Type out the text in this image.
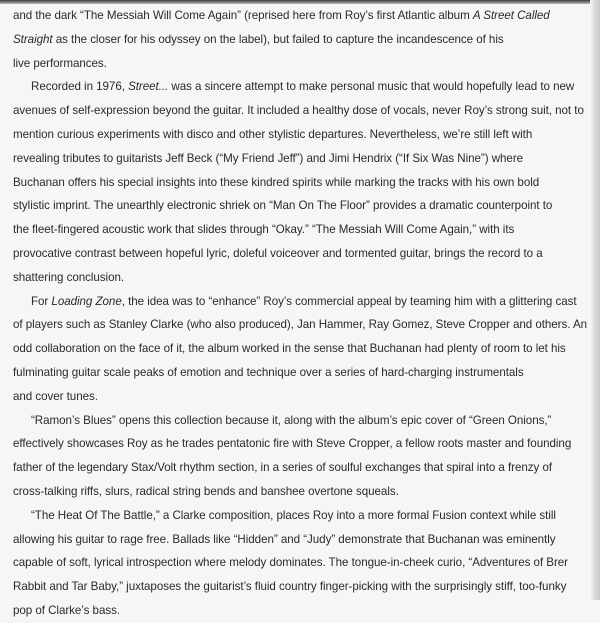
and the dark “The Messiah Will Come Again” (reprised here from Roy’s first Atlantic album A Street Called
Straight as the closer for his odyssey on the label), but failed to capture the incandescence of his
live performances.
Recorded in 1976, Street... was a sincere attempt to make personal music that would hopefully lead to new
avenues of self-expression beyond the guitar. It included a healthy dose of vocals, never Roy’s strong suit, not to
mention curious experiments with disco and other stylistic departures. Nevertheless, we’re still left with
revealing tributes to guitarists Jeff Beck (“My Friend Jeff”) and Jimi Hendrix (“If Six Was Nine”) where
Buchanan offers his special insights into these kindred spirits while marking the tracks with his own bold
stylistic imprint. The unearthly electronic shriek on “Man On The Floor” provides a dramatic counterpoint to
the fleet-fingered acoustic work that slides through “Okay.” “The Messiah Will Come Again,” with its
provocative contrast between hopeful lyric, doleful voiceover and tormented guitar, brings the record to a
shattering conclusion.
For Loading Zone, the idea was to “enhance” Roy’s commercial appeal by teaming him with a glittering cast
of players such as Stanley Clarke (who also produced), Jan Hammer, Ray Gomez, Steve Cropper and others. An
odd collaboration on the face of it, the album worked in the sense that Buchanan had plenty of room to let his
fulminating guitar scale peaks of emotion and technique over a series of hard-charging instrumentals
and cover tunes.
“Ramon’s Blues” opens this collection because it, along with the album’s epic cover of “Green Onions,”
effectively showcases Roy as he trades pentatonic fire with Steve Cropper, a fellow roots master and founding
father of the legendary Stax/Volt rhythm section, in a series of soulful exchanges that spiral into a frenzy of
cross-talking riffs, slurs, radical string bends and banshee overtone squeals.
“The Heat Of The Battle,” a Clarke composition, places Roy into a more formal Fusion context while still
allowing his guitar to rage free. Ballads like “Hidden” and “Judy” demonstrate that Buchanan was eminently
capable of soft, lyrical introspection where melody dominates. The tongue-in-cheek curio, “Adventures of Brer
Rabbit and Tar Baby,” juxtaposes the guitarist’s fluid country finger-picking with the surprisingly stiff, too-funky
pop of Clarke’s bass.
